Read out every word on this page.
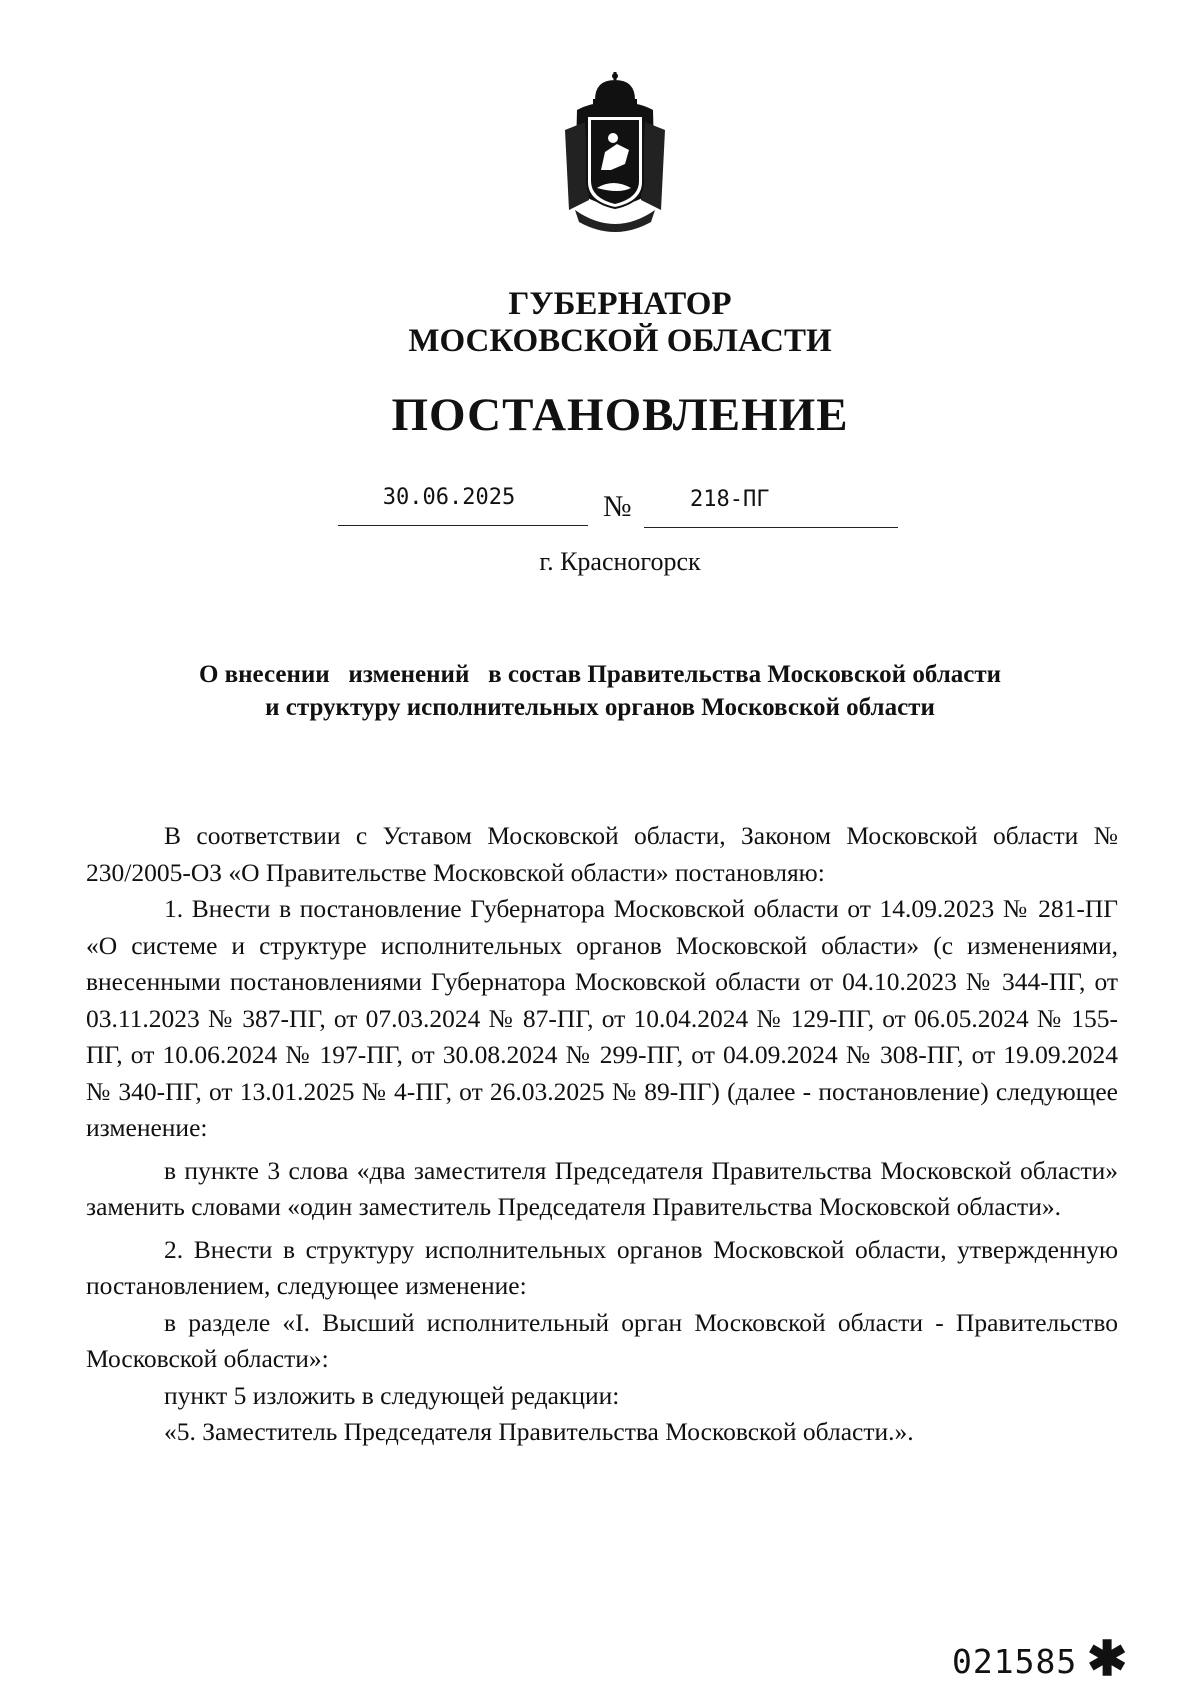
ГУБЕРНАТОР
МОСКОВСКОЙ ОБЛАСТИ
ПОСТАНОВЛЕНИЕ
30.06.2025	№	218-ПГ
г. Красногорск
О внесении   изменений   в состав Правительства Московской области
и структуру исполнительных органов Московской области

В соответствии с Уставом Московской области, Законом Московской области № 230/2005-ОЗ «О Правительстве Московской области» постановляю:

1. Внести в постановление Губернатора Московской области от 14.09.2023 № 281-ПГ «О системе и структуре исполнительных органов Московской области» (с изменениями, внесенными постановлениями Губернатора Московской области от 04.10.2023 № 344-ПГ, от 03.11.2023 № 387-ПГ, от 07.03.2024 № 87-ПГ, от 10.04.2024 № 129-ПГ, от 06.05.2024 № 155-ПГ, от 10.06.2024 № 197-ПГ, от 30.08.2024 № 299-ПГ, от 04.09.2024 № 308-ПГ, от 19.09.2024 № 340-ПГ, от 13.01.2025 № 4-ПГ, от 26.03.2025 № 89-ПГ) (далее - постановление) следующее изменение:

в пункте 3 слова «два заместителя Председателя Правительства Московской области» заменить словами «один заместитель Председателя Правительства Московской области».

2. Внести в структуру исполнительных органов Московской области, утвержденную постановлением, следующее изменение:

в разделе «I. Высший исполнительный орган Московской области - Правительство Московской области»:

пункт 5 изложить в следующей редакции:

«5. Заместитель Председателя Правительства Московской области.».

021585 ✱
